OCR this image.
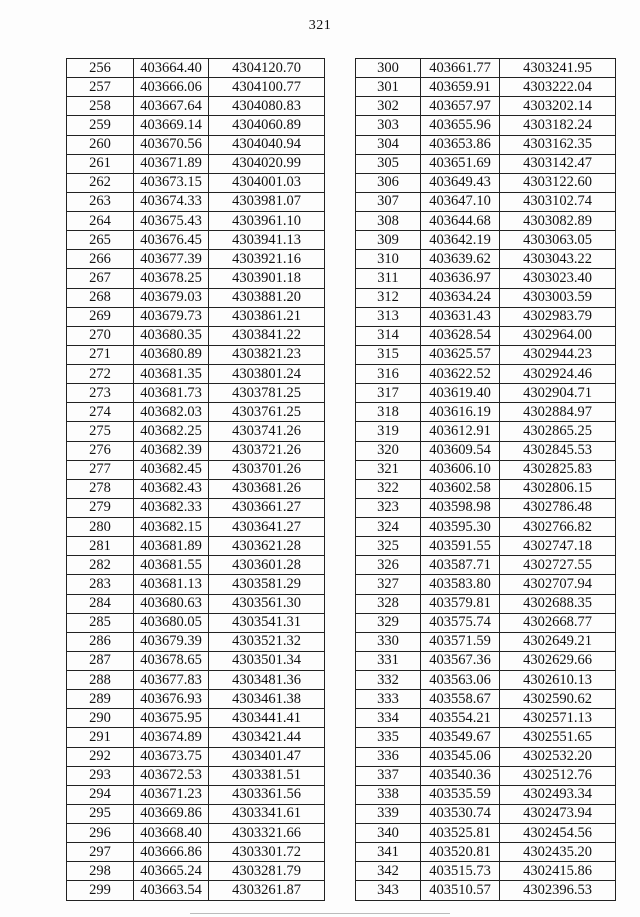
321
256	403664.40	4304120.70
257	403666.06	4304100.77
258	403667.64	4304080.83
259	403669.14	4304060.89
260	403670.56	4304040.94
261	403671.89	4304020.99
262	403673.15	4304001.03
263	403674.33	4303981.07
264	403675.43	4303961.10
265	403676.45	4303941.13
266	403677.39	4303921.16
267	403678.25	4303901.18
268	403679.03	4303881.20
269	403679.73	4303861.21
270	403680.35	4303841.22
271	403680.89	4303821.23
272	403681.35	4303801.24
273	403681.73	4303781.25
274	403682.03	4303761.25
275	403682.25	4303741.26
276	403682.39	4303721.26
277	403682.45	4303701.26
278	403682.43	4303681.26
279	403682.33	4303661.27
280	403682.15	4303641.27
281	403681.89	4303621.28
282	403681.55	4303601.28
283	403681.13	4303581.29
284	403680.63	4303561.30
285	403680.05	4303541.31
286	403679.39	4303521.32
287	403678.65	4303501.34
288	403677.83	4303481.36
289	403676.93	4303461.38
290	403675.95	4303441.41
291	403674.89	4303421.44
292	403673.75	4303401.47
293	403672.53	4303381.51
294	403671.23	4303361.56
295	403669.86	4303341.61
296	403668.40	4303321.66
297	403666.86	4303301.72
298	403665.24	4303281.79
299	403663.54	4303261.87
300	403661.77	4303241.95
301	403659.91	4303222.04
302	403657.97	4303202.14
303	403655.96	4303182.24
304	403653.86	4303162.35
305	403651.69	4303142.47
306	403649.43	4303122.60
307	403647.10	4303102.74
308	403644.68	4303082.89
309	403642.19	4303063.05
310	403639.62	4303043.22
311	403636.97	4303023.40
312	403634.24	4303003.59
313	403631.43	4302983.79
314	403628.54	4302964.00
315	403625.57	4302944.23
316	403622.52	4302924.46
317	403619.40	4302904.71
318	403616.19	4302884.97
319	403612.91	4302865.25
320	403609.54	4302845.53
321	403606.10	4302825.83
322	403602.58	4302806.15
323	403598.98	4302786.48
324	403595.30	4302766.82
325	403591.55	4302747.18
326	403587.71	4302727.55
327	403583.80	4302707.94
328	403579.81	4302688.35
329	403575.74	4302668.77
330	403571.59	4302649.21
331	403567.36	4302629.66
332	403563.06	4302610.13
333	403558.67	4302590.62
334	403554.21	4302571.13
335	403549.67	4302551.65
336	403545.06	4302532.20
337	403540.36	4302512.76
338	403535.59	4302493.34
339	403530.74	4302473.94
340	403525.81	4302454.56
341	403520.81	4302435.20
342	403515.73	4302415.86
343	403510.57	4302396.53
